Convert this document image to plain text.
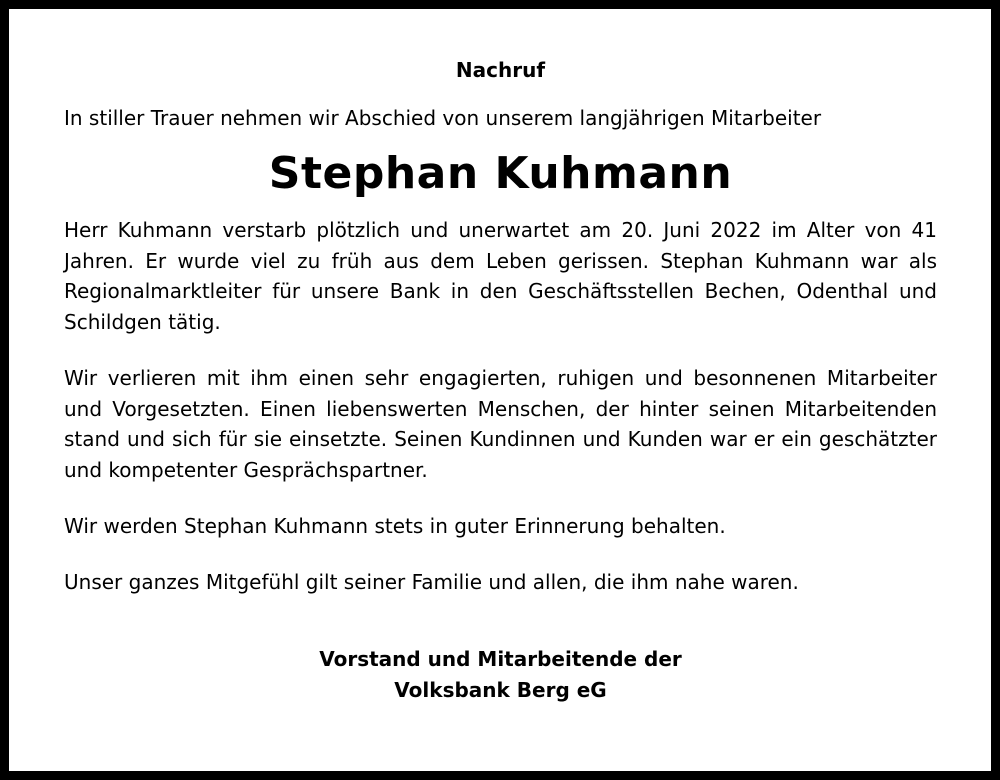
Nachruf

In stiller Trauer nehmen wir Abschied von unserem langjährigen Mitarbeiter

Stephan Kuhmann

Herr Kuhmann verstarb plötzlich und unerwartet am 20. Juni 2022 im Alter von 41 Jahren. Er wurde viel zu früh aus dem Leben gerissen. Stephan Kuhmann war als Regionalmarktleiter für unsere Bank in den Geschäftsstellen Bechen, Odenthal und Schildgen tätig.

Wir verlieren mit ihm einen sehr engagierten, ruhigen und besonnenen Mitarbeiter und Vorgesetzten. Einen liebenswerten Menschen, der hinter seinen Mitarbeitenden stand und sich für sie einsetzte. Seinen Kundinnen und Kunden war er ein geschätzter und kompetenter Gesprächspartner.

Wir werden Stephan Kuhmann stets in guter Erinnerung behalten.

Unser ganzes Mitgefühl gilt seiner Familie und allen, die ihm nahe waren.

Vorstand und Mitarbeitende der
Volksbank Berg eG
